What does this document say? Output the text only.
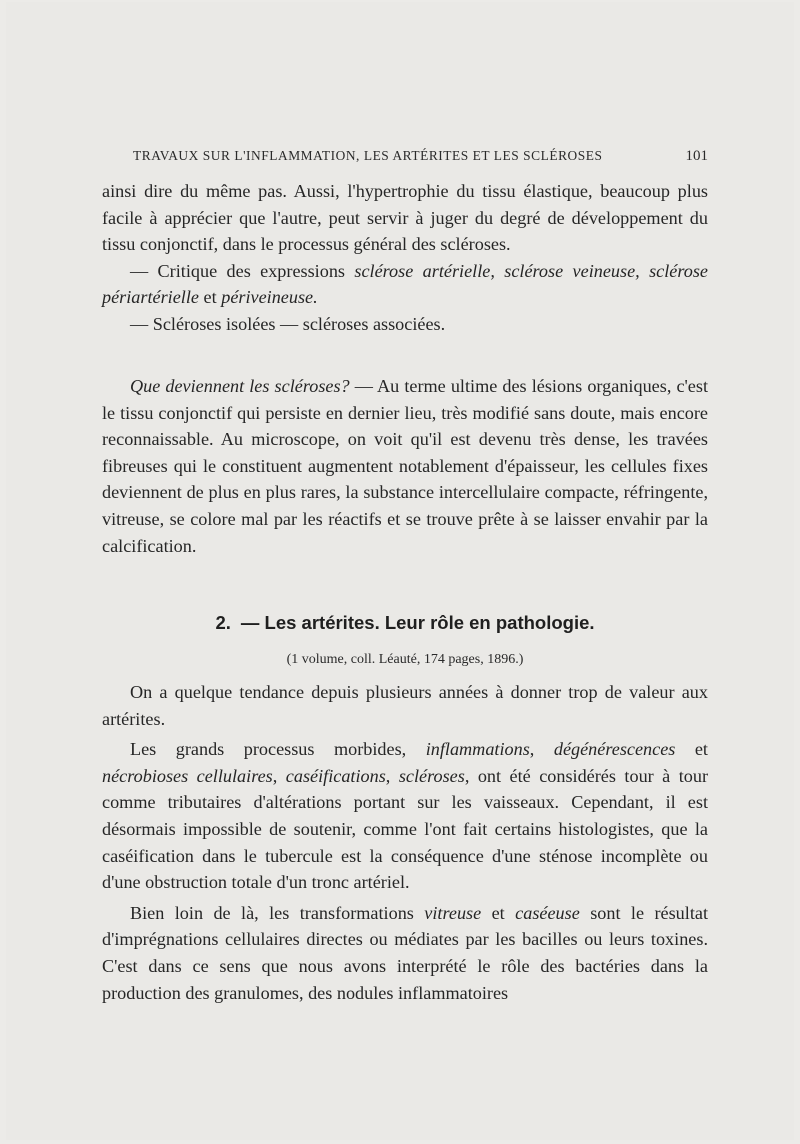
TRAVAUX SUR L'INFLAMMATION, LES ARTÉRITES ET LES SCLÉROSES	101

ainsi dire du même pas. Aussi, l'hypertrophie du tissu élastique, beaucoup plus facile à apprécier que l'autre, peut servir à juger du degré de développement du tissu conjonctif, dans le processus général des scléroses.

— Critique des expressions sclérose artérielle, sclérose veineuse, sclérose périartérielle et périveineuse.

— Scléroses isolées — scléroses associées.

Que deviennent les scléroses? — Au terme ultime des lésions organiques, c'est le tissu conjonctif qui persiste en dernier lieu, très modifié sans doute, mais encore reconnaissable. Au microscope, on voit qu'il est devenu très dense, les travées fibreuses qui le constituent augmentent notablement d'épaisseur, les cellules fixes deviennent de plus en plus rares, la substance intercellulaire compacte, réfringente, vitreuse, se colore mal par les réactifs et se trouve prête à se laisser envahir par la calcification.

2. — Les artérites. Leur rôle en pathologie.
(1 volume, coll. Léauté, 174 pages, 1896.)

On a quelque tendance depuis plusieurs années à donner trop de valeur aux artérites.

Les grands processus morbides, inflammations, dégénérescences et nécrobioses cellulaires, caséifications, scléroses, ont été considérés tour à tour comme tributaires d'altérations portant sur les vaisseaux. Cependant, il est désormais impossible de soutenir, comme l'ont fait certains histologistes, que la caséification dans le tubercule est la conséquence d'une sténose incomplète ou d'une obstruction totale d'un tronc artériel.

Bien loin de là, les transformations vitreuse et caséeuse sont le résultat d'imprégnations cellulaires directes ou médiates par les bacilles ou leurs toxines. C'est dans ce sens que nous avons interprété le rôle des bactéries dans la production des granulomes, des nodules inflammatoires
